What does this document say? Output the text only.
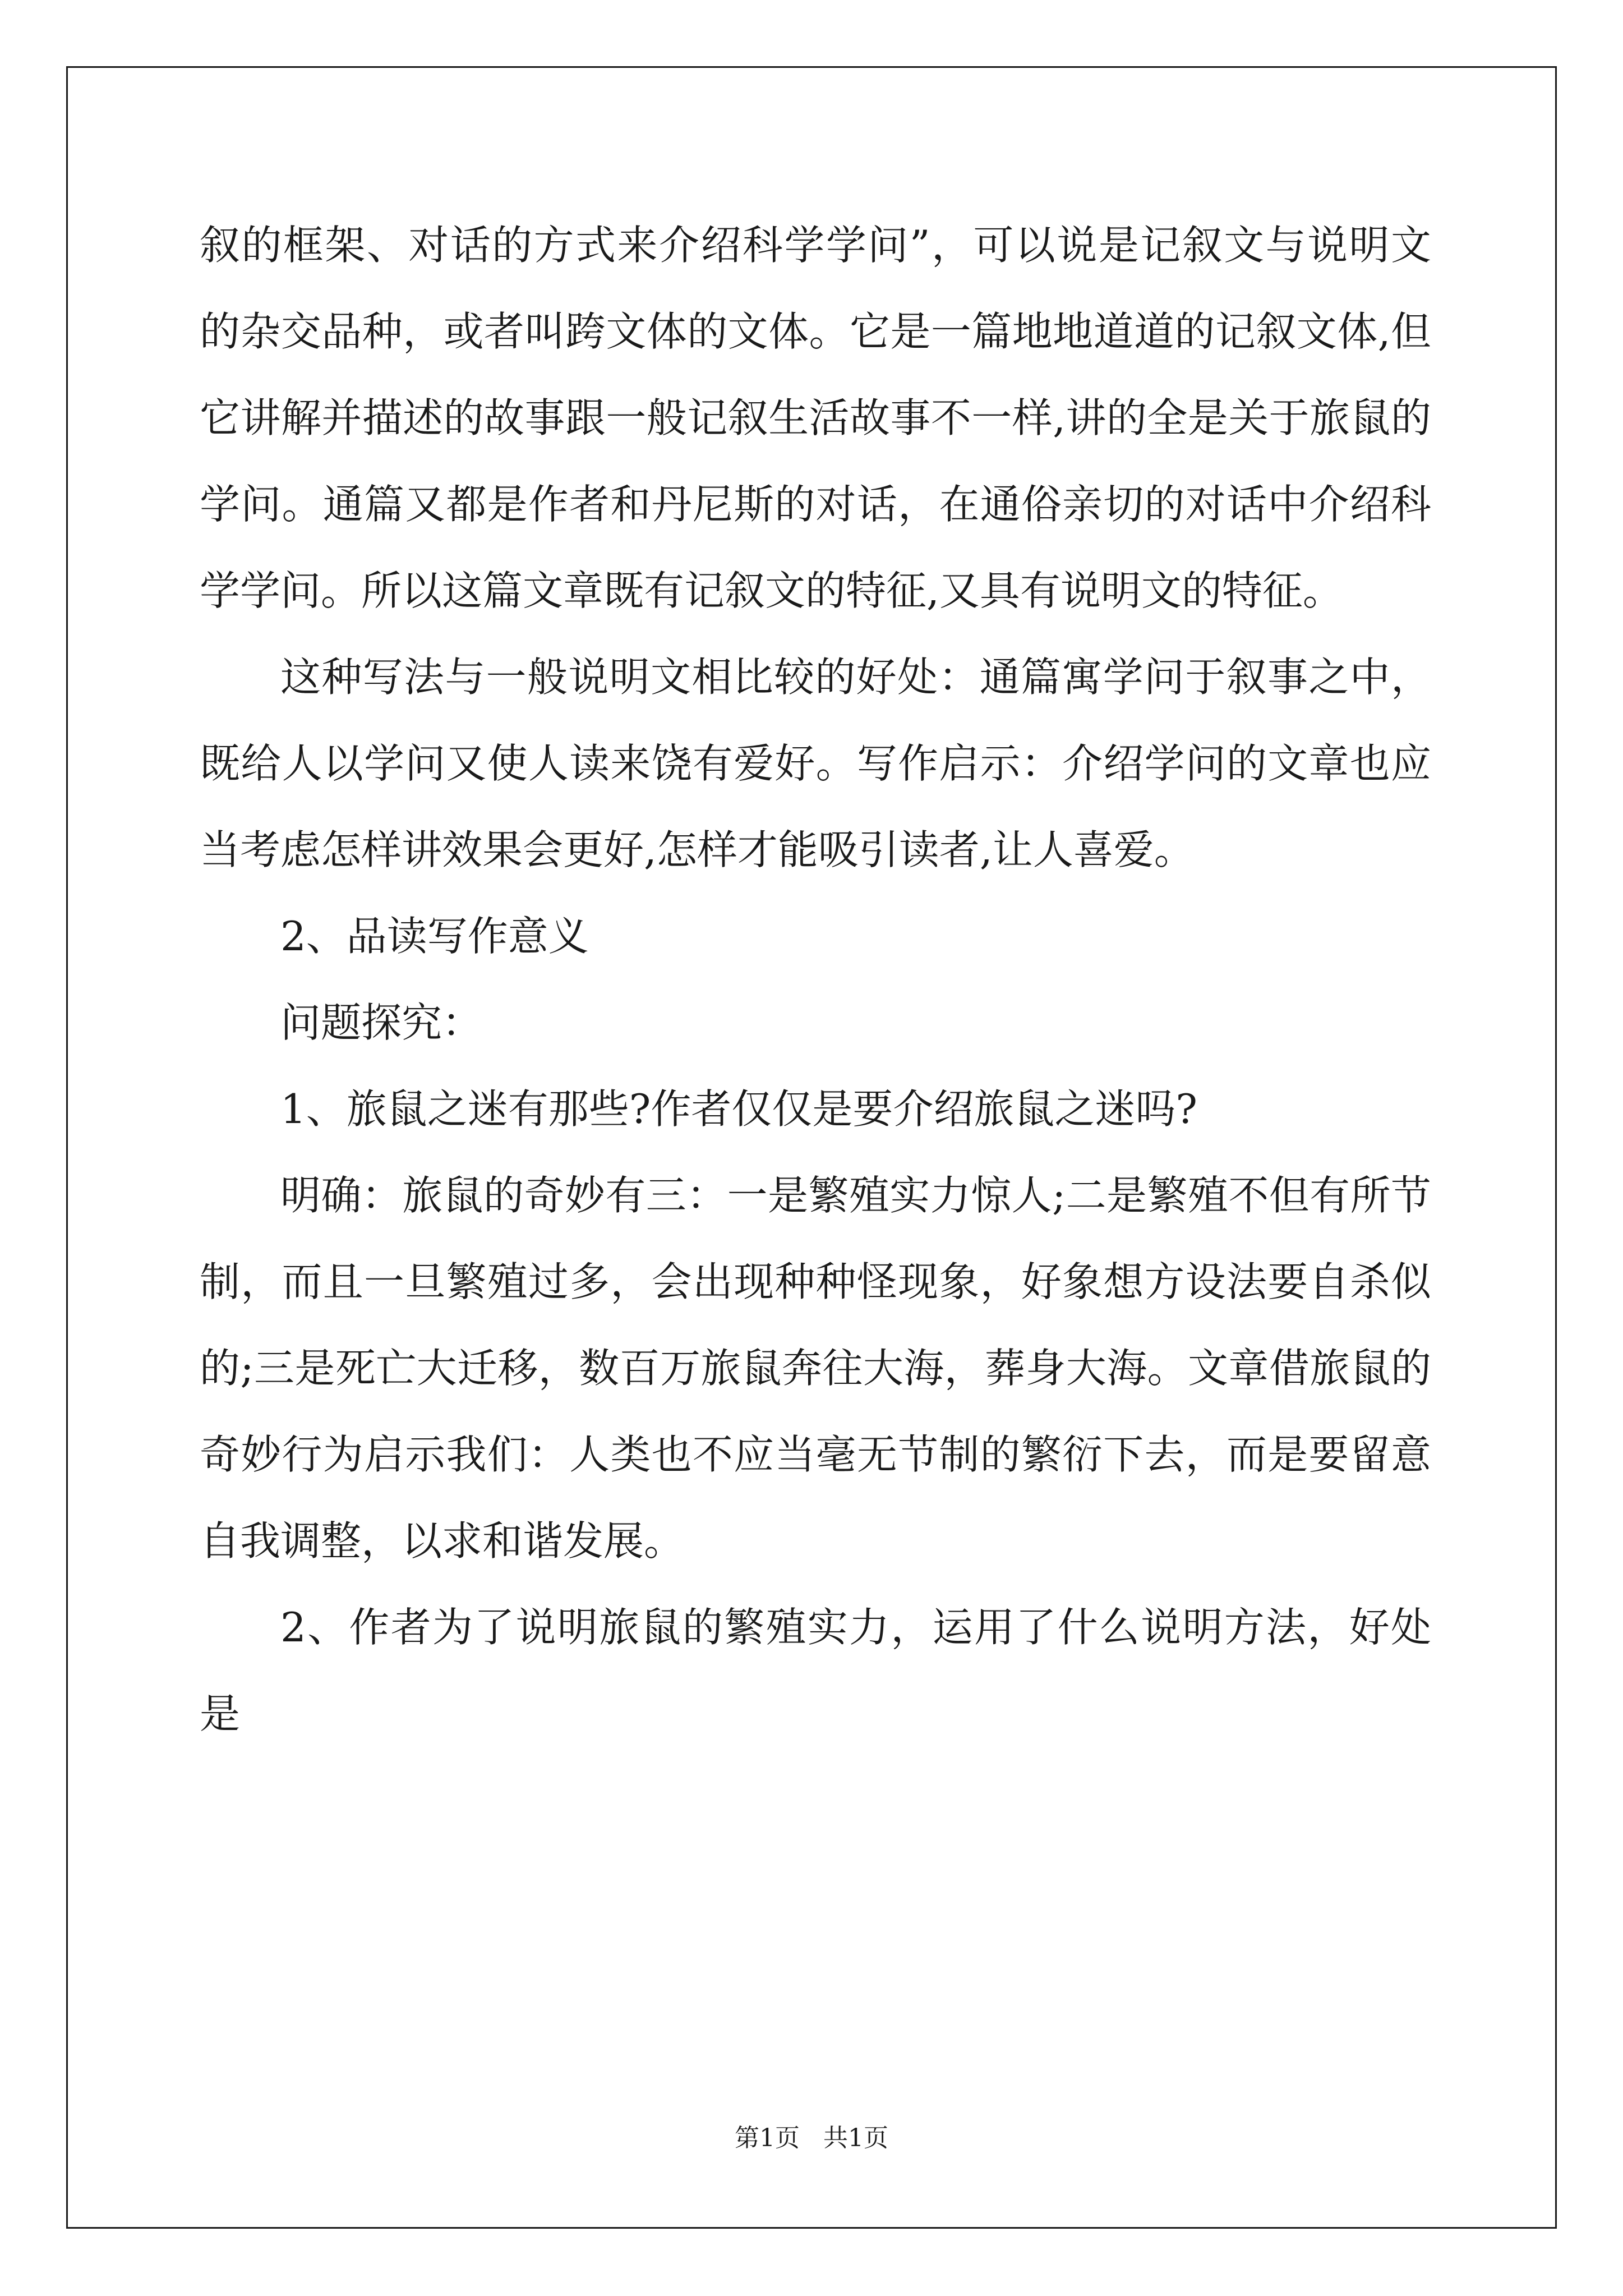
叙的框架、对话的方式来介绍科学学问”，可以说是记叙文与说明文的杂交品种，或者叫跨文体的文体。它是一篇地地道道的记叙文体,但它讲解并描述的故事跟一般记叙生活故事不一样,讲的全是关于旅鼠的学问。通篇又都是作者和丹尼斯的对话，在通俗亲切的对话中介绍科学学问。所以这篇文章既有记叙文的特征,又具有说明文的特征。

这种写法与一般说明文相比较的好处：通篇寓学问于叙事之中，既给人以学问又使人读来饶有爱好。写作启示：介绍学问的文章也应当考虑怎样讲效果会更好,怎样才能吸引读者,让人喜爱。

2、品读写作意义

问题探究：

1、旅鼠之迷有那些?作者仅仅是要介绍旅鼠之迷吗?

明确：旅鼠的奇妙有三：一是繁殖实力惊人;二是繁殖不但有所节制，而且一旦繁殖过多，会出现种种怪现象，好象想方设法要自杀似的;三是死亡大迁移，数百万旅鼠奔往大海，葬身大海。文章借旅鼠的奇妙行为启示我们：人类也不应当毫无节制的繁衍下去，而是要留意自我调整，以求和谐发展。

2、作者为了说明旅鼠的繁殖实力，运用了什么说明方法，好处是

第1页   共1页
